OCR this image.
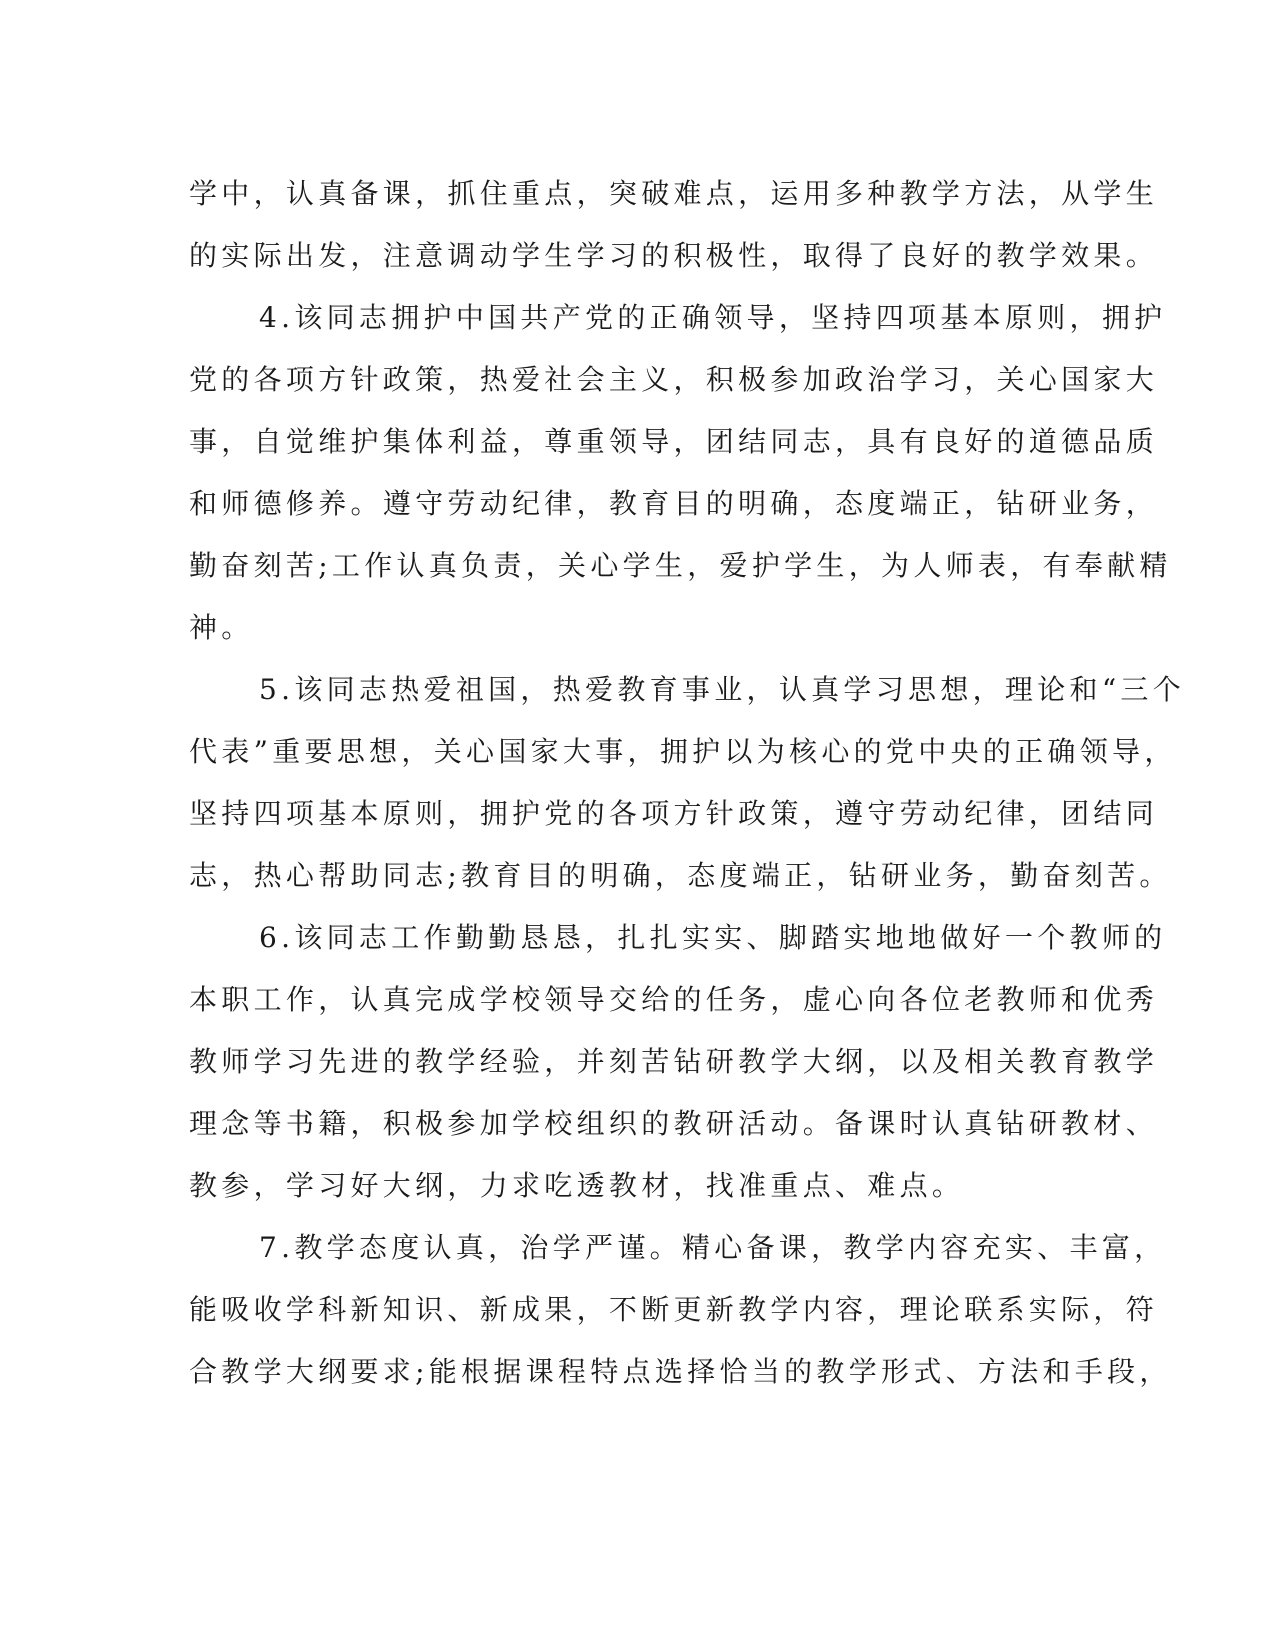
学中，认真备课，抓住重点，突破难点，运用多种教学方法，从学生
的实际出发，注意调动学生学习的积极性，取得了良好的教学效果。
4.该同志拥护中国共产党的正确领导，坚持四项基本原则，拥护
党的各项方针政策，热爱社会主义，积极参加政治学习，关心国家大
事，自觉维护集体利益，尊重领导，团结同志，具有良好的道德品质
和师德修养。遵守劳动纪律，教育目的明确，态度端正，钻研业务，
勤奋刻苦;工作认真负责，关心学生，爱护学生，为人师表，有奉献精
神。
5.该同志热爱祖国，热爱教育事业，认真学习思想，理论和“三个
代表”重要思想，关心国家大事，拥护以为核心的党中央的正确领导，
坚持四项基本原则，拥护党的各项方针政策，遵守劳动纪律，团结同
志，热心帮助同志;教育目的明确，态度端正，钻研业务，勤奋刻苦。
6.该同志工作勤勤恳恳，扎扎实实、脚踏实地地做好一个教师的
本职工作，认真完成学校领导交给的任务，虚心向各位老教师和优秀
教师学习先进的教学经验，并刻苦钻研教学大纲，以及相关教育教学
理念等书籍，积极参加学校组织的教研活动。备课时认真钻研教材、
教参，学习好大纲，力求吃透教材，找准重点、难点。
7.教学态度认真，治学严谨。精心备课，教学内容充实、丰富，
能吸收学科新知识、新成果，不断更新教学内容，理论联系实际，符
合教学大纲要求;能根据课程特点选择恰当的教学形式、方法和手段，
